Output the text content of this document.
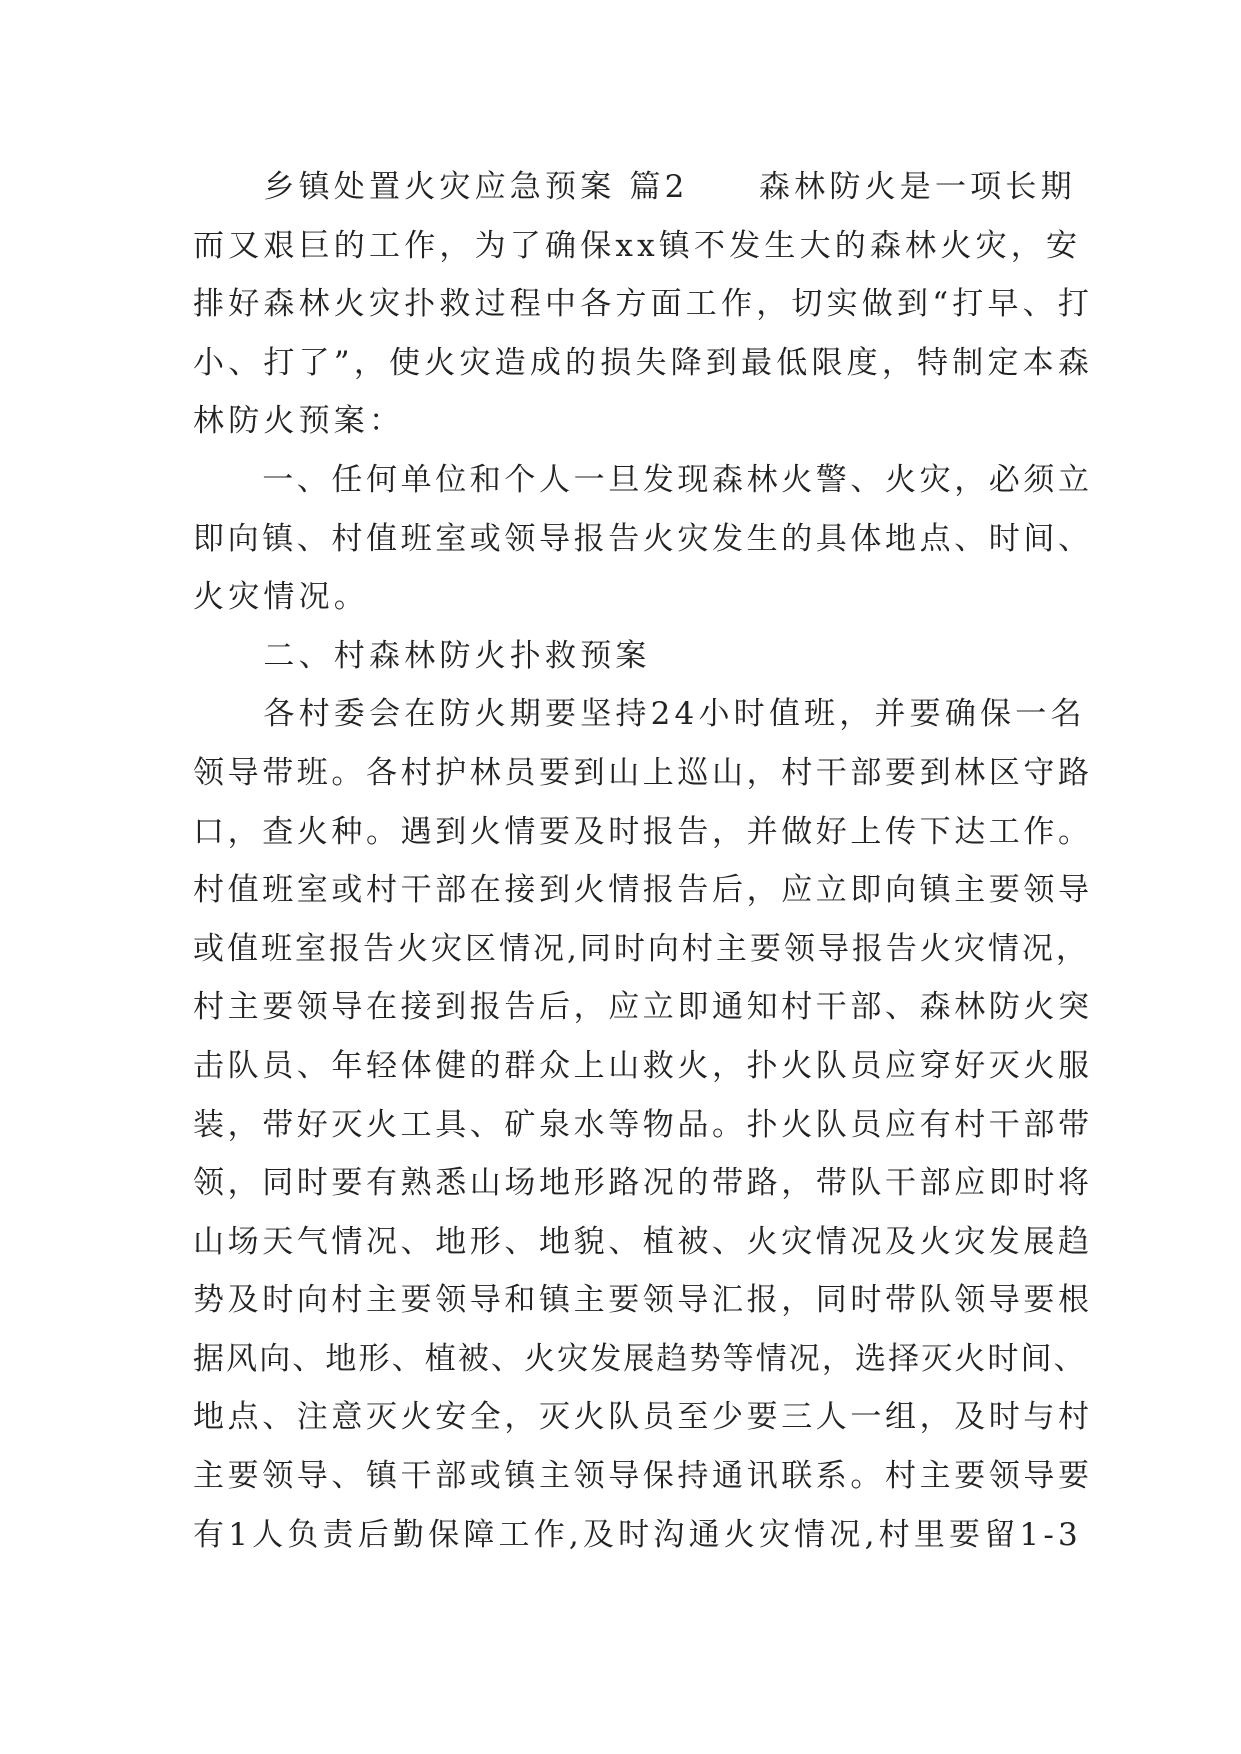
　　乡镇处置火灾应急预案 篇2　　森林防火是一项长期
而又艰巨的工作，为了确保xx镇不发生大的森林火灾，安
排好森林火灾扑救过程中各方面工作，切实做到“打早、打
小、打了”，使火灾造成的损失降到最低限度，特制定本森
林防火预案：
　　一、任何单位和个人一旦发现森林火警、火灾，必须立
即向镇、村值班室或领导报告火灾发生的具体地点、时间、
火灾情况。
　　二、村森林防火扑救预案
　　各村委会在防火期要坚持24小时值班，并要确保一名
领导带班。各村护林员要到山上巡山，村干部要到林区守路
口，查火种。遇到火情要及时报告，并做好上传下达工作。
村值班室或村干部在接到火情报告后，应立即向镇主要领导
或值班室报告火灾区情况,同时向村主要领导报告火灾情况，
村主要领导在接到报告后，应立即通知村干部、森林防火突
击队员、年轻体健的群众上山救火，扑火队员应穿好灭火服
装，带好灭火工具、矿泉水等物品。扑火队员应有村干部带
领，同时要有熟悉山场地形路况的带路，带队干部应即时将
山场天气情况、地形、地貌、植被、火灾情况及火灾发展趋
势及时向村主要领导和镇主要领导汇报，同时带队领导要根
据风向、地形、植被、火灾发展趋势等情况，选择灭火时间、
地点、注意灭火安全，灭火队员至少要三人一组，及时与村
主要领导、镇干部或镇主领导保持通讯联系。村主要领导要
有1人负责后勤保障工作,及时沟通火灾情况,村里要留1-3
